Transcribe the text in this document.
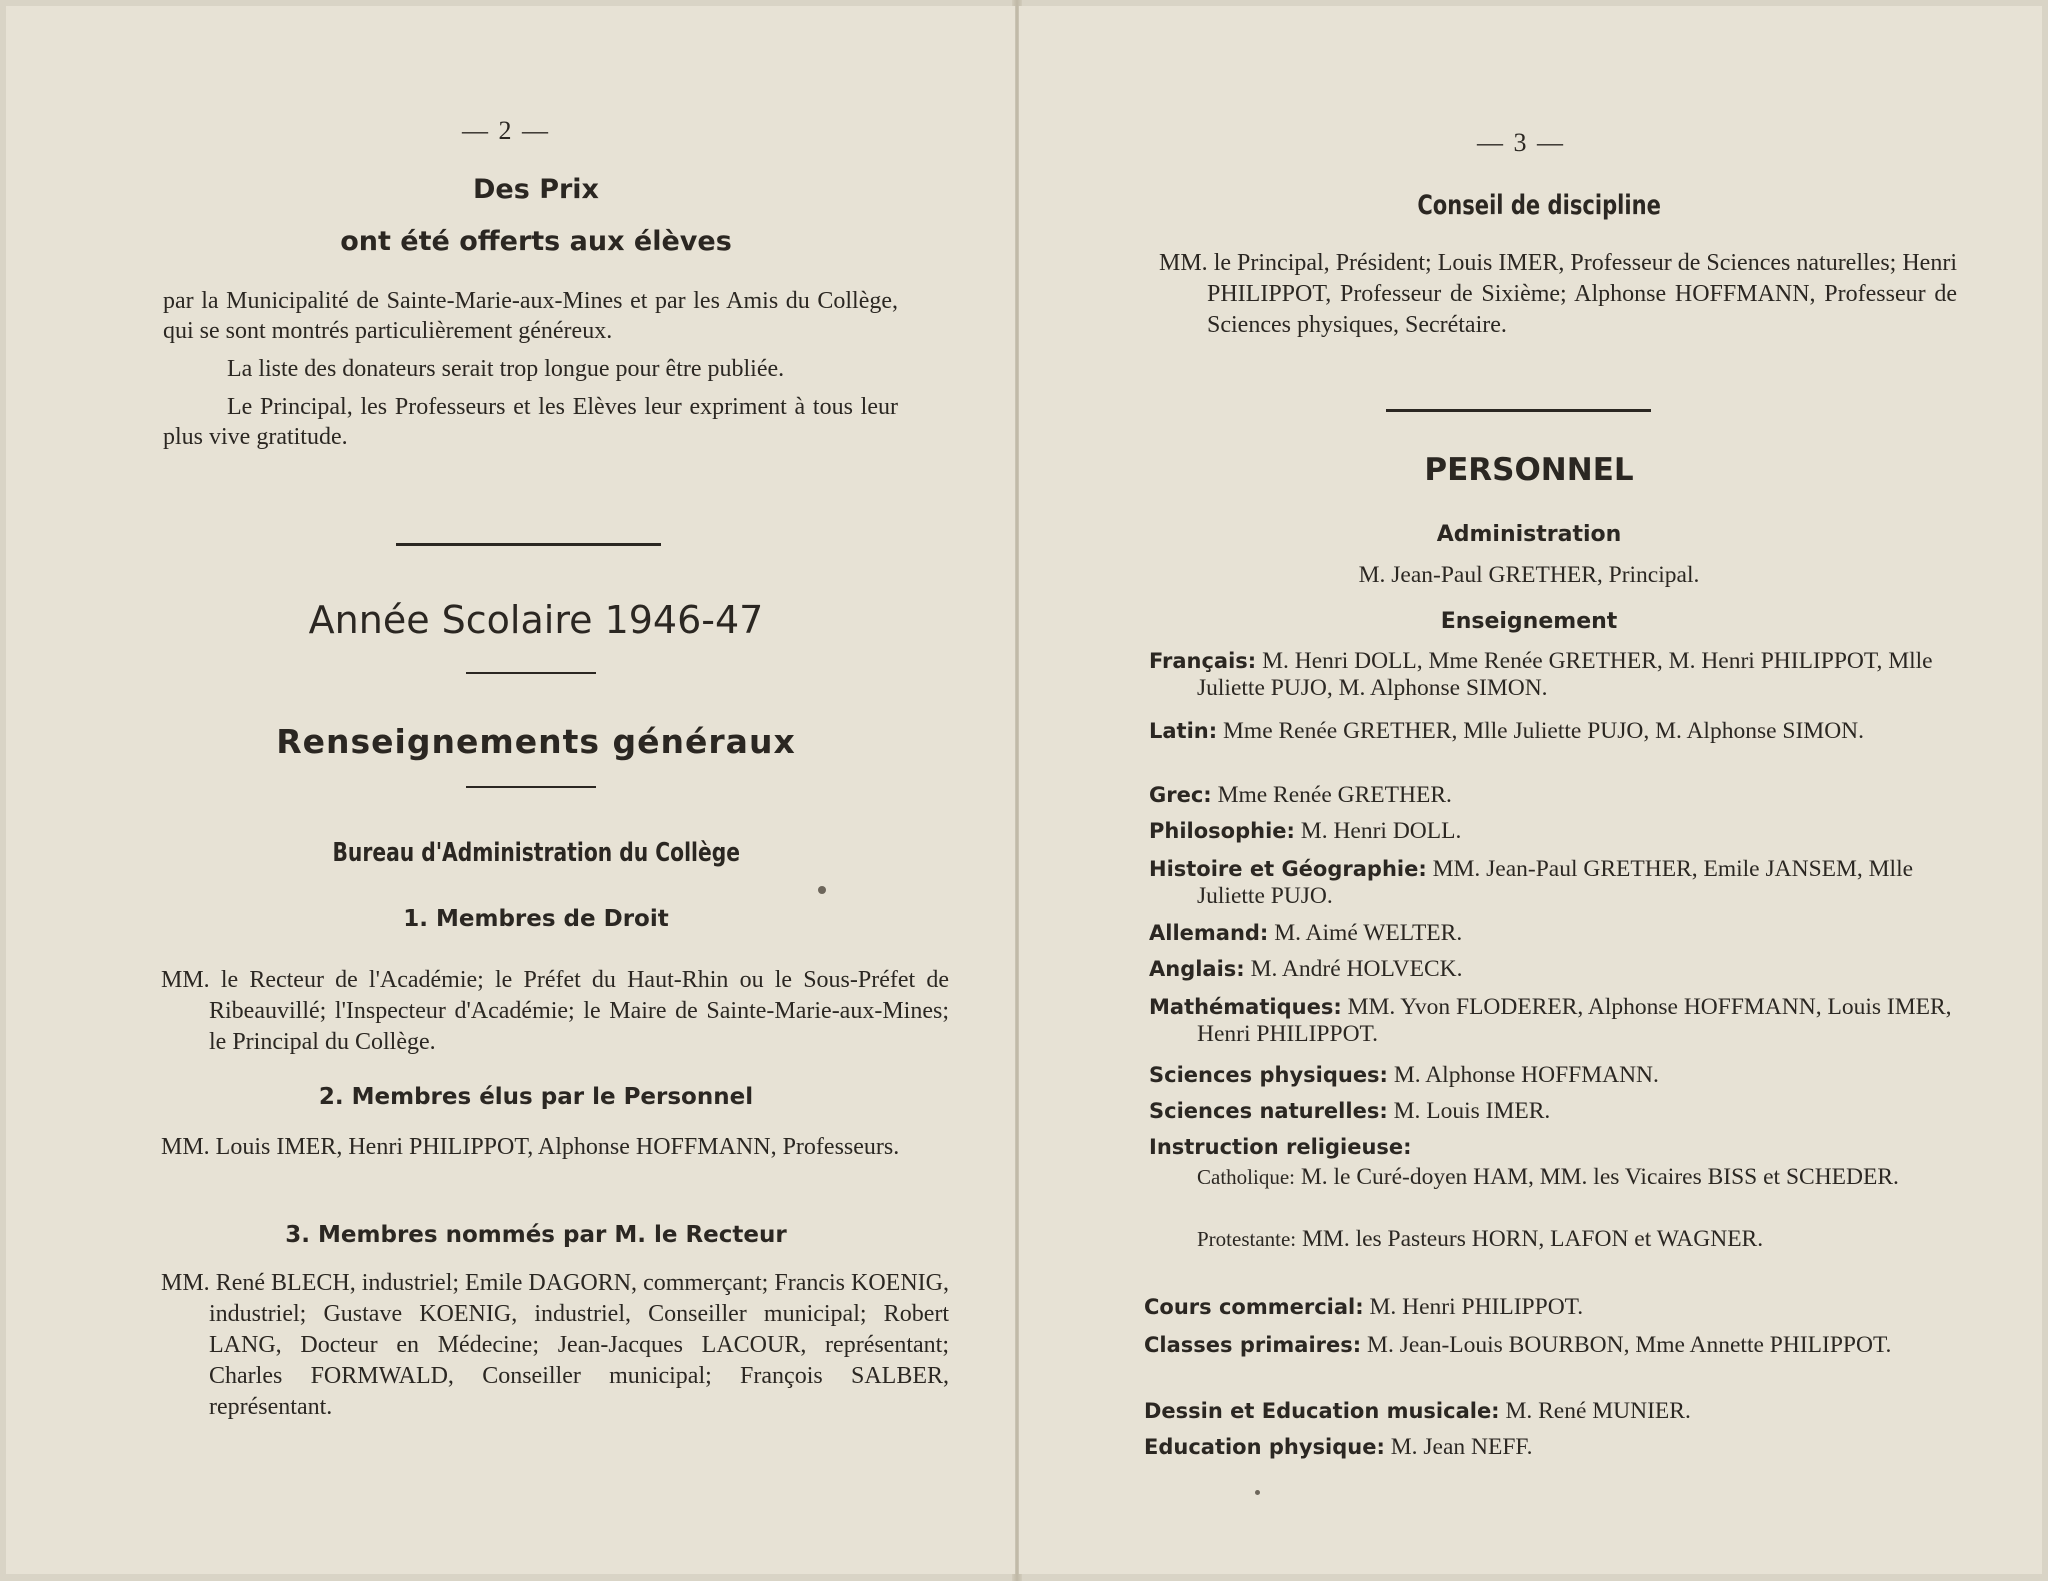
— 2 —
Des Prix
ont été offerts aux élèves

par la Municipalité de Sainte-Marie-aux-Mines et par les Amis du Collège, qui se sont montrés particulièrement généreux.

La liste des donateurs serait trop longue pour être publiée.

Le Principal, les Professeurs et les Elèves leur expriment à tous leur plus vive gratitude.

Année Scolaire 1946-47
Renseignements généraux
Bureau d'Administration du Collège
1. Membres de Droit
MM. le Recteur de l'Académie; le Préfet du Haut-Rhin ou le Sous-Préfet de Ribeauvillé; l'Inspecteur d'Académie; le Maire de Sainte-Marie-aux-Mines; le Principal du Collège.
2. Membres élus par le Personnel
MM. Louis IMER, Henri PHILIPPOT, Alphonse HOFFMANN, Professeurs.
3. Membres nommés par M. le Recteur
MM. René BLECH, industriel; Emile DAGORN, commerçant; Francis KOENIG, industriel; Gustave KOENIG, industriel, Conseiller municipal; Robert LANG, Docteur en Médecine; Jean-Jacques LACOUR, représentant; Charles FORMWALD, Conseiller municipal; François SALBER, représentant.
— 3 —
Conseil de discipline
MM. le Principal, Président; Louis IMER, Professeur de Sciences naturelles; Henri PHILIPPOT, Professeur de Sixième; Alphonse HOFFMANN, Professeur de Sciences physiques, Secrétaire.
PERSONNEL
Administration
M. Jean-Paul GRETHER, Principal.
Enseignement
Français: M. Henri DOLL, Mme Renée GRETHER, M. Henri PHILIPPOT, Mlle Juliette PUJO, M. Alphonse SIMON.
Latin: Mme Renée GRETHER, Mlle Juliette PUJO, M. Alphonse SIMON.
Grec: Mme Renée GRETHER.
Philosophie: M. Henri DOLL.
Histoire et Géographie: MM. Jean-Paul GRETHER, Emile JANSEM, Mlle Juliette PUJO.
Allemand: M. Aimé WELTER.
Anglais: M. André HOLVECK.
Mathématiques: MM. Yvon FLODERER, Alphonse HOFFMANN, Louis IMER, Henri PHILIPPOT.
Sciences physiques: M. Alphonse HOFFMANN.
Sciences naturelles: M. Louis IMER.
Instruction religieuse:
Catholique: M. le Curé-doyen HAM, MM. les Vicaires BISS et SCHEDER.
Protestante: MM. les Pasteurs HORN, LAFON et WAGNER.
Cours commercial: M. Henri PHILIPPOT.
Classes primaires: M. Jean-Louis BOURBON, Mme Annette PHILIPPOT.
Dessin et Education musicale: M. René MUNIER.
Education physique: M. Jean NEFF.
